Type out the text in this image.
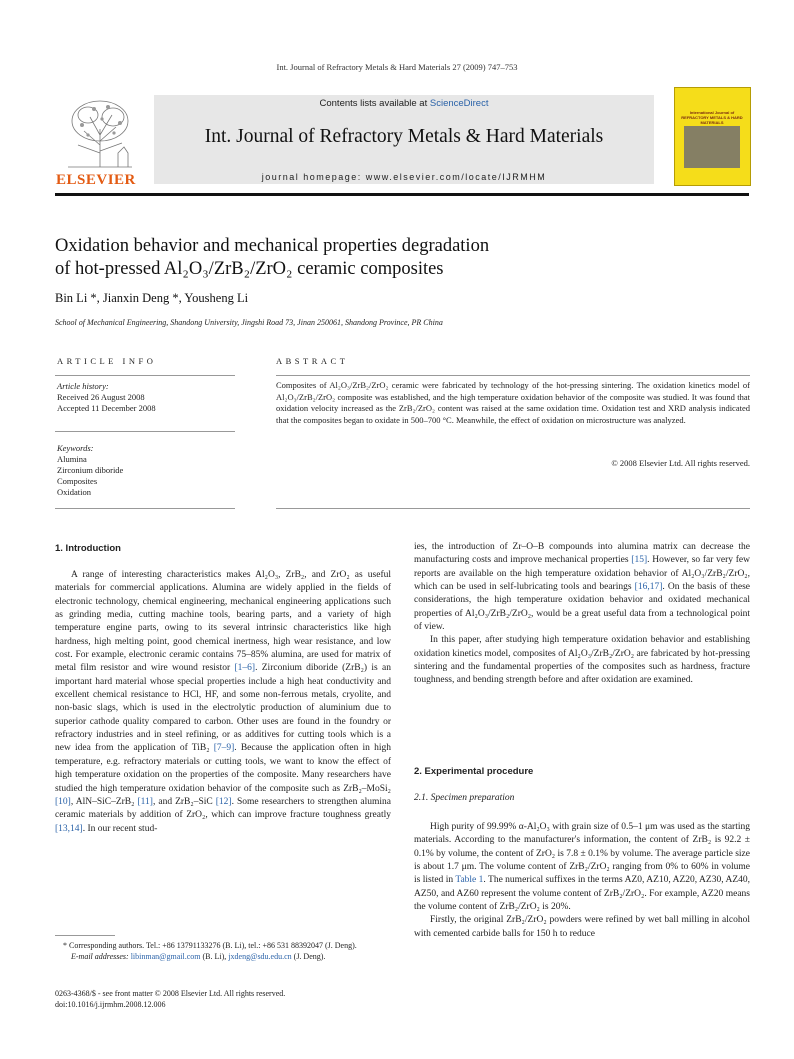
Int. Journal of Refractory Metals & Hard Materials 27 (2009) 747–753
Contents lists available at ScienceDirect
Int. Journal of Refractory Metals & Hard Materials
journal homepage: www.elsevier.com/locate/IJRMHM
ELSEVIER
International Journal of REFRACTORY METALS & HARD MATERIALS
Oxidation behavior and mechanical properties degradation
of hot-pressed Al₂O₃/ZrB₂/ZrO₂ ceramic composites
Bin Li *, Jianxin Deng *, Yousheng Li
School of Mechanical Engineering, Shandong University, Jingshi Road 73, Jinan 250061, Shandong Province, PR China
ARTICLE INFO
Article history:
Received 26 August 2008
Accepted 11 December 2008
Keywords:
Alumina
Zirconium diboride
Composites
Oxidation
ABSTRACT
Composites of Al₂O₃/ZrB₂/ZrO₂ ceramic were fabricated by technology of the hot-pressing sintering. The oxidation kinetics model of Al₂O₃/ZrB₂/ZrO₂ composite was established, and the high temperature oxidation behavior of the composite was studied. It was found that oxidation velocity increased as the ZrB₂/ZrO₂ content was raised at the same oxidation time. Oxidation test and XRD analysis indicated that the composites began to oxidate in 500–700 °C. Meanwhile, the effect of oxidation on microstructure was analyzed.
© 2008 Elsevier Ltd. All rights reserved.
1. Introduction

A range of interesting characteristics makes Al₂O₃, ZrB₂, and ZrO₂ as useful materials for commercial applications. Alumina are widely applied in the fields of electronic technology, chemical engineering, mechanical engineering applications such as grinding media, cutting machine tools, bearing parts, and a variety of high temperature engine parts, owing to its several intrinsic characteristics like high hardness, high melting point, good chemical inertness, high wear resistance, and low cost. For example, electronic ceramic contains 75–85% alumina, are used for matrix of metal film resistor and wire wound resistor [1–6]. Zirconium diboride (ZrB₂) is an important hard material whose special properties include a high heat conductivity and excellent chemical resistance to HCl, HF, and some non-ferrous metals, cryolite, and non-basic slags, which is used in the electrolytic production of aluminium due to superior cathode quality compared to carbon. Other uses are found in the foundry or refractory industries and in steel refining, or as additives for cutting tools which is a new idea from the application of TiB₂ [7–9]. Because the application often in high temperature, e.g. refractory materials or cutting tools, we want to know the effect of high temperature oxidation on the properties of the composite. Many researchers have studied the high temperature oxidation behavior of the composite such as ZrB₂–MoSi₂ [10], AlN–SiC–ZrB₂ [11], and ZrB₂–SiC [12]. Some researchers to strengthen alumina ceramic materials by addition of ZrO₂, which can improve fracture toughness greatly [13,14]. In our recent stud-

* Corresponding authors. Tel.: +86 13791133276 (B. Li), tel.: +86 531 88392047 (J. Deng).
E-mail addresses: libinman@gmail.com (B. Li), jxdeng@sdu.edu.cn (J. Deng).
0263-4368/$ - see front matter © 2008 Elsevier Ltd. All rights reserved.
doi:10.1016/j.ijrmhm.2008.12.006

ies, the introduction of Zr–O–B compounds into alumina matrix can decrease the manufacturing costs and improve mechanical properties [15]. However, so far very few reports are available on the high temperature oxidation behavior of Al₂O₃/ZrB₂/ZrO₂, which can be used in self-lubricating tools and bearings [16,17]. On the basis of these considerations, the high temperature oxidation behavior and oxidated mechanical properties of Al₂O₃/ZrB₂/ZrO₂, would be a great useful data from a technological point of view.

In this paper, after studying high temperature oxidation behavior and establishing oxidation kinetics model, composites of Al₂O₃/ZrB₂/ZrO₂ are fabricated by hot-pressing sintering and the fundamental properties of the composites such as hardness, fracture toughness, and bending strength before and after oxidation are examined.

2. Experimental procedure
2.1. Specimen preparation

High purity of 99.99% α-Al₂O₃ with grain size of 0.5–1 μm was used as the starting materials. According to the manufacturer's information, the content of ZrB₂ is 92.2 ± 0.1% by volume, the content of ZrO₂ is 7.8 ± 0.1% by volume. The average particle size is about 1.7 μm. The volume content of ZrB₂/ZrO₂ ranging from 0% to 60% in volume is listed in Table 1. The numerical suffixes in the terms AZ0, AZ10, AZ20, AZ30, AZ40, AZ50, and AZ60 represent the volume content of ZrB₂/ZrO₂. For example, AZ20 means the volume content of ZrB₂/ZrO₂ is 20%.

Firstly, the original ZrB₂/ZrO₂ powders were refined by wet ball milling in alcohol with cemented carbide balls for 150 h to reduce
